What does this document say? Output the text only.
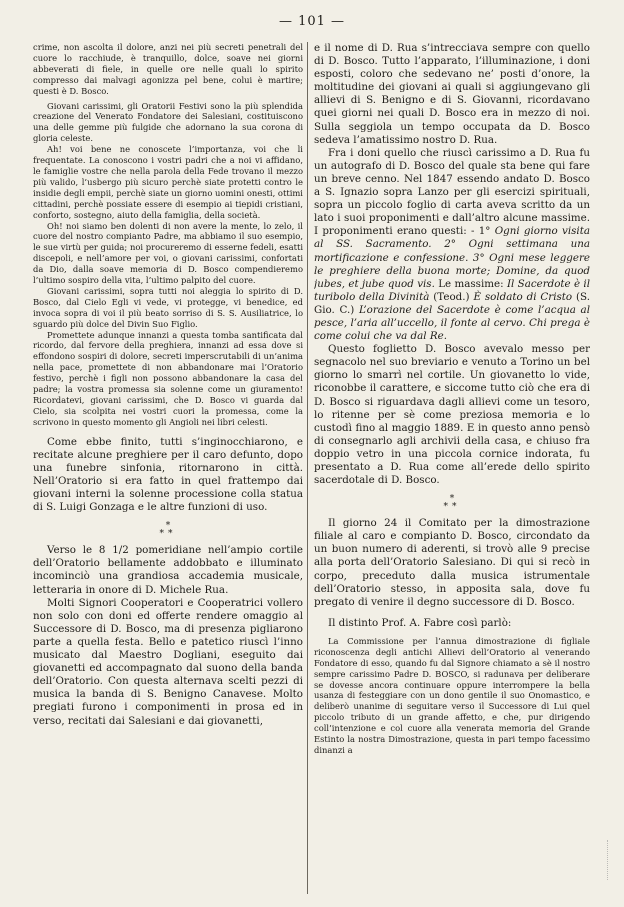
— 101 —

crime, non ascolta il dolore, anzi nei più secreti penetrali del cuore lo racchiude, è tranquillo, dolce, soave nei giorni abbeverati di fiele, in quelle ore nelle quali lo spirito compresso dai malvagi agonizza pel bene, colui è martire; questi è D. Bosco.

Giovani carissimi, gli Oratorii Festivi sono la più splendida creazione del Venerato Fondatore dei Salesiani, costituiscono una delle gemme più fulgide che adornano la sua corona di gloria celeste.

Ah! voi bene ne conoscete l’importanza, voi che li frequentate. La conoscono i vostri padri che a noi vi affidano, le famiglie vostre che nella parola della Fede trovano il mezzo più valido, l’usbergo più sicuro perchè siate protetti contro le insidie degli empii, perchè siate un giorno uomini onesti, ottimi cittadini, perchè possiate essere di esempio ai tiepidi cristiani, conforto, sostegno, aiuto della famiglia, della società.

Oh! noi siamo ben dolenti di non avere la mente, lo zelo, il cuore del nostro compianto Padre, ma abbiamo il suo esempio, le sue virtù per guida; noi procureremo di esserne fedeli, esatti discepoli, e nell’amore per voi, o giovani carissimi, confortati da Dio, dalla soave memoria di D. Bosco compendieremo l’ultimo sospiro della vita, l’ultimo palpito del cuore.

Giovani carissimi, sopra tutti noi aleggia lo spirito di D. Bosco, dal Cielo Egli vi vede, vi protegge, vi benedice, ed invoca sopra di voi il più beato sorriso di S. S. Ausiliatrice, lo sguardo più dolce del Divin Suo Figlio.

Promettete adunque innanzi a questa tomba santificata dal ricordo, dal fervore della preghiera, innanzi ad essa dove si effondono sospiri di dolore, secreti imperscrutabili di un’anima nella pace, promettete di non abbandonare mai l’Oratorio festivo, perchè i figli non possono abbandonare la casa del padre; la vostra promessa sia solenne come un giuramento! Ricordatevi, giovani carissimi, che D. Bosco vi guarda dal Cielo, sia scolpita nei vostri cuori la promessa, come la scrivono in questo momento gli Angioli nei libri celesti.

Come ebbe finito, tutti s’inginocchiarono, e recitate alcune preghiere per il caro defunto, dopo una funebre sinfonia, ritornarono in città. Nell’Oratorio si era fatto in quel frattempo dai giovani interni la solenne processione colla statua di S. Luigi Gonzaga e le altre funzioni di uso.

*
**

Verso le 8 1/2 pomeridiane nell’ampio cortile dell’Oratorio bellamente addobbato e illuminato incominciò una grandiosa accademia musicale, letteraria in onore di D. Michele Rua.

Molti Signori Cooperatori e Cooperatrici vollero non solo con doni ed offerte rendere omaggio al Successore di D. Bosco, ma di presenza pigliarono parte a quella festa. Bello e patetico riuscì l’inno musicato dal Maestro Dogliani, eseguito dai giovanetti ed accompagnato dal suono della banda dell’Oratorio. Con questa alternava scelti pezzi di musica la banda di S. Benigno Canavese. Molto pregiati furono i componimenti in prosa ed in verso, recitati dai Salesiani e dai giovanetti,

e il nome di D. Rua s’intrecciava sempre con quello di D. Bosco. Tutto l’apparato, l’illuminazione, i doni esposti, coloro che sedevano ne’ posti d’onore, la moltitudine dei giovani ai quali si aggiungevano gli allievi di S. Benigno e di S. Giovanni, ricordavano quei giorni nei quali D. Bosco era in mezzo di noi. Sulla seggiola un tempo occupata da D. Bosco sedeva l’amatissimo nostro D. Rua.

Fra i doni quello che riuscì carissimo a D. Rua fu un autografo di D. Bosco del quale sta bene qui fare un breve cenno. Nel 1847 essendo andato D. Bosco a S. Ignazio sopra Lanzo per gli esercizi spirituali, sopra un piccolo foglio di carta aveva scritto da un lato i suoi proponimenti e dall’altro alcune massime. I proponimenti erano questi: - 1° Ogni giorno visita al SS. Sacramento. 2° Ogni settimana una mortificazione e confessione. 3° Ogni mese leggere le preghiere della buona morte; Domine, da quod jubes, et jube quod vis. Le massime: Il Sacerdote è il turibolo della Divinità (Teod.) È soldato di Cristo (S. Gio. C.) L’orazione del Sacerdote è come l’acqua al pesce, l’aria all’uccello, il fonte al cervo. Chi prega è come colui che va dal Re.

Questo foglietto D. Bosco avevalo messo per segnacolo nel suo breviario e venuto a Torino un bel giorno lo smarrì nel cortile. Un giovanetto lo vide, riconobbe il carattere, e siccome tutto ciò che era di D. Bosco si riguardava dagli allievi come un tesoro, lo ritenne per sè come preziosa memoria e lo custodì fino al maggio 1889. E in questo anno pensò di consegnarlo agli archivii della casa, e chiuso fra doppio vetro in una piccola cornice indorata, fu presentato a D. Rua come all’erede dello spirito sacerdotale di D. Bosco.

*
**

Il giorno 24 il Comitato per la dimostrazione filiale al caro e compianto D. Bosco, circondato da un buon numero di aderenti, si trovò alle 9 precise alla porta dell’Oratorio Salesiano. Di qui si recò in corpo, preceduto dalla musica istrumentale dell’Oratorio stesso, in apposita sala, dove fu pregato di venire il degno successore di D. Bosco.

Il distinto Prof. A. Fabre così parlò:

La Commissione per l’annua dimostrazione di figliale riconoscenza degli antichi Allievi dell’Oratorio al venerando Fondatore di esso, quando fu dal Signore chiamato a sè il nostro sempre carissimo Padre D. BOSCO, si radunava per deliberare se dovesse ancora continuare oppure interrompere la bella usanza di festeggiare con un dono gentile il suo Onomastico, e deliberò unanime di seguitare verso il Successore di Lui quel piccolo tributo di un grande affetto, e che, pur dirigendo coll’intenzione e col cuore alla venerata memoria del Grande Estinto la nostra Dimostrazione, questa in pari tempo facessimo dinanzi a
